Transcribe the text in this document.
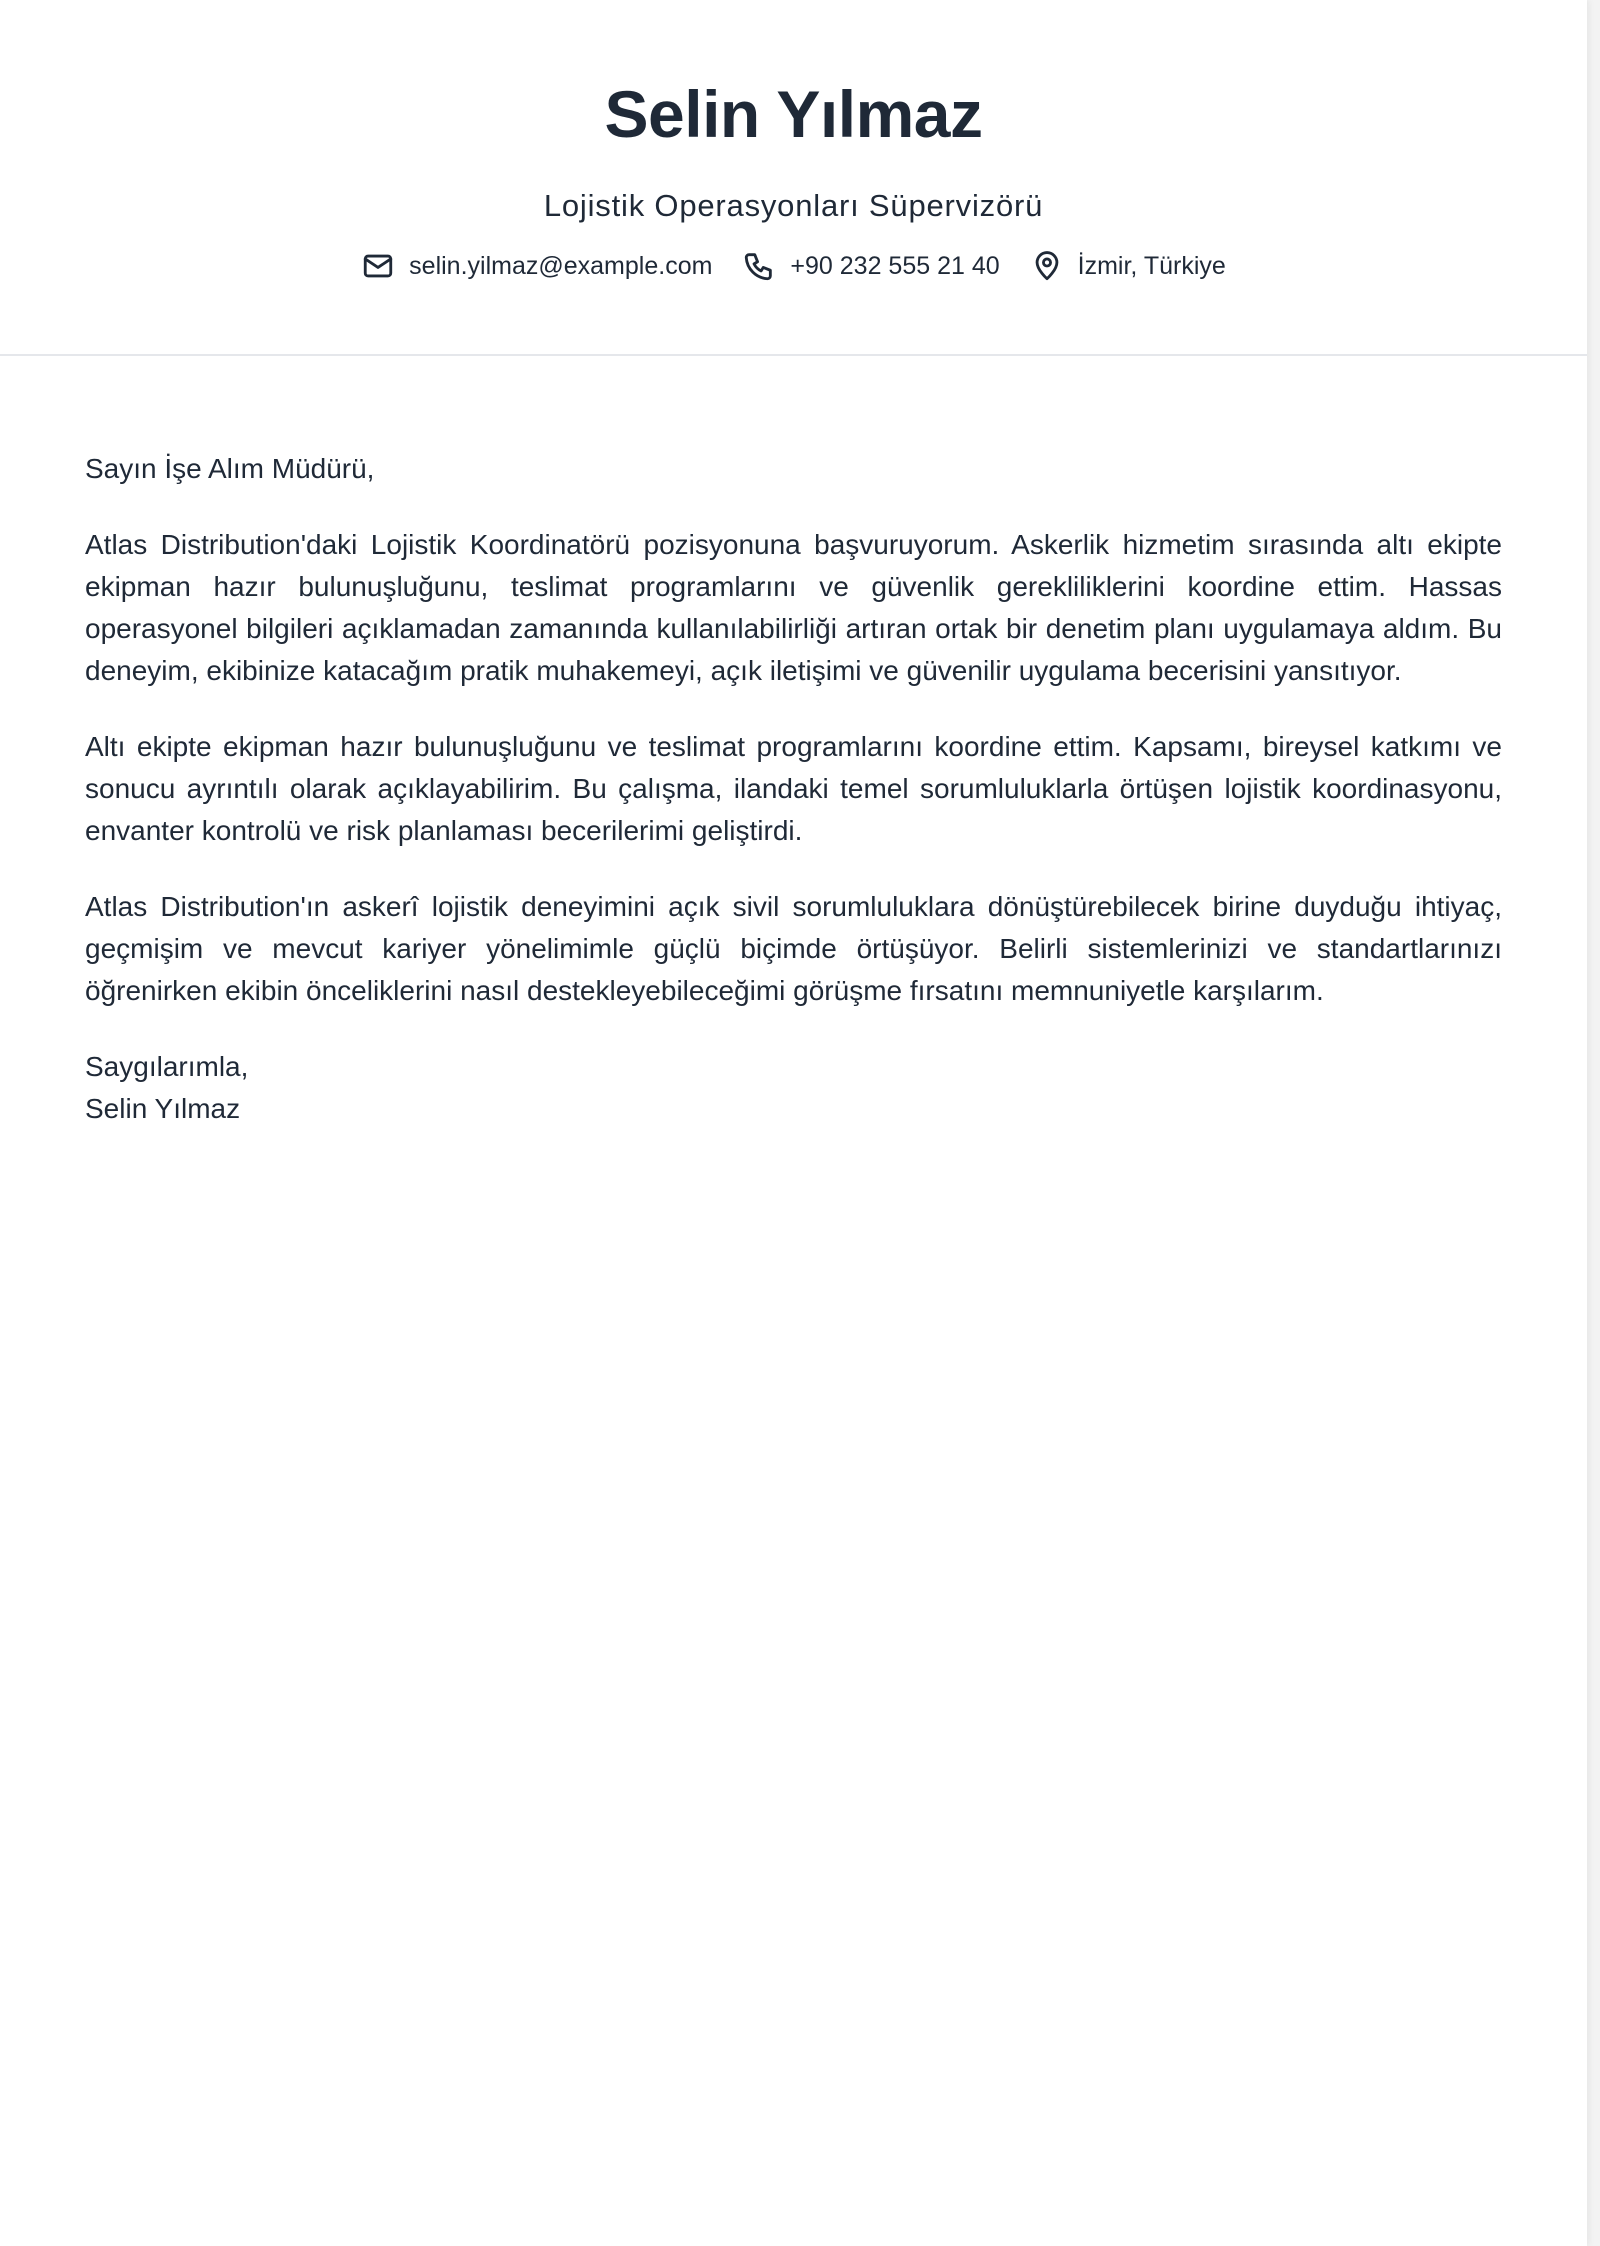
Selin Yılmaz
Lojistik Operasyonları Süpervizörü
selin.yilmaz@example.com	+90 232 555 21 40	İzmir, Türkiye

Sayın İşe Alım Müdürü,

Atlas Distribution'daki Lojistik Koordinatörü pozisyonuna başvuruyorum. Askerlik hizmetim sırasında altı ekipte ekipman hazır bulunuşluğunu, teslimat programlarını ve güvenlik gerekliliklerini koordine ettim. Hassas operasyonel bilgileri açıklamadan zamanında kullanılabilirliği artıran ortak bir denetim planı uygulamaya aldım. Bu deneyim, ekibinize katacağım pratik muhakemeyi, açık iletişimi ve güvenilir uygulama becerisini yansıtıyor.

Altı ekipte ekipman hazır bulunuşluğunu ve teslimat programlarını koordine ettim. Kapsamı, bireysel katkımı ve sonucu ayrıntılı olarak açıklayabilirim. Bu çalışma, ilandaki temel sorumluluklarla örtüşen lojistik koordinasyonu, envanter kontrolü ve risk planlaması becerilerimi geliştirdi.

Atlas Distribution'ın askerî lojistik deneyimini açık sivil sorumluluklara dönüştürebilecek birine duyduğu ihtiyaç, geçmişim ve mevcut kariyer yönelimimle güçlü biçimde örtüşüyor. Belirli sistemlerinizi ve standartlarınızı öğrenirken ekibin önceliklerini nasıl destekleyebileceğimi görüşme fırsatını memnuniyetle karşılarım.

Saygılarımla,

Selin Yılmaz
